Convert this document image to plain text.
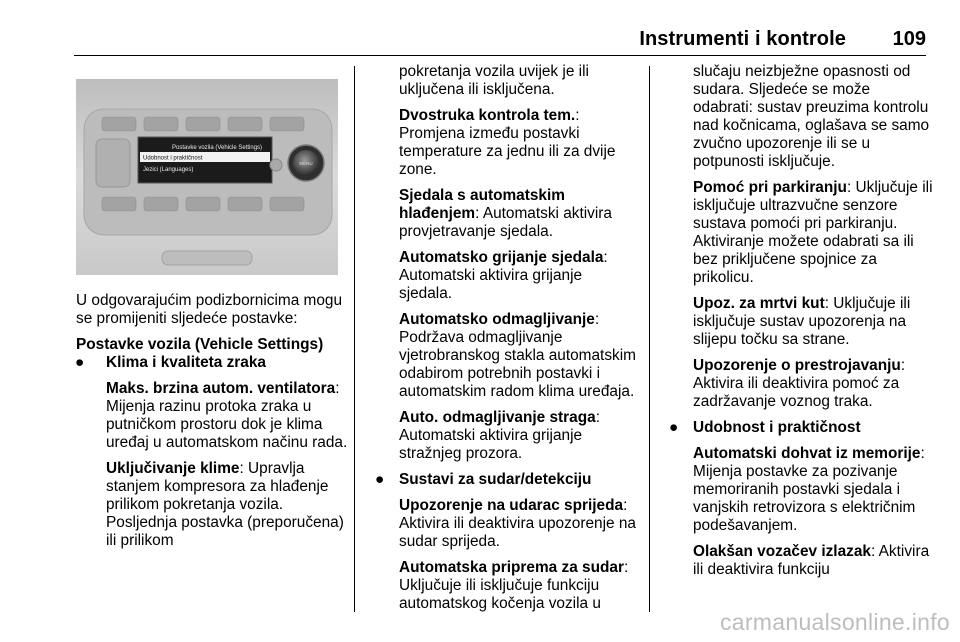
Instrumenti i kontrole 109
Postavke vozila (Vehicle Settings)
Udobnost i praktičnost
Jezici (Languages)
MENU

U odgovarajućim podizbornicima mogu se promijeniti sljedeće postavke:

Postavke vozila (Vehicle Settings)

● Klima i kvaliteta zraka

Maks. brzina autom. ventilatora: Mijenja razinu protoka zraka u putničkom prostoru dok je klima uređaj u automatskom načinu rada.

Uključivanje klime: Upravlja stanjem kompresora za hlađenje prilikom pokretanja vozila. Posljednja postavka (preporučena) ili prilikom

pokretanja vozila uvijek je ili uključena ili isključena.

Dvostruka kontrola tem.: Promjena između postavki temperature za jednu ili za dvije zone.

Sjedala s automatskim hlađenjem: Automatski aktivira provjetravanje sjedala.

Automatsko grijanje sjedala: Automatski aktivira grijanje sjedala.

Automatsko odmagljivanje: Podržava odmagljivanje vjetrobranskog stakla automatskim odabirom potrebnih postavki i automatskim radom klima uređaja.

Auto. odmagljivanje straga: Automatski aktivira grijanje stražnjeg prozora.

● Sustavi za sudar/detekciju

Upozorenje na udarac sprijeda: Aktivira ili deaktivira upozorenje na sudar sprijeda.

Automatska priprema za sudar: Uključuje ili isključuje funkciju automatskog kočenja vozila u

slučaju neizbježne opasnosti od sudara. Sljedeće se može odabrati: sustav preuzima kontrolu nad kočnicama, oglašava se samo zvučno upozorenje ili se u potpunosti isključuje.

Pomoć pri parkiranju: Uključuje ili isključuje ultrazvučne senzore sustava pomoći pri parkiranju. Aktiviranje možete odabrati sa ili bez priključene spojnice za prikolicu.

Upoz. za mrtvi kut: Uključuje ili isključuje sustav upozorenja na slijepu točku sa strane.

Upozorenje o prestrojavanju: Aktivira ili deaktivira pomoć za zadržavanje voznog traka.

● Udobnost i praktičnost

Automatski dohvat iz memorije: Mijenja postavke za pozivanje memoriranih postavki sjedala i vanjskih retrovizora s električnim podešavanjem.

Olakšan vozačev izlazak: Aktivira ili deaktivira funkciju

carmanualsonline.info
